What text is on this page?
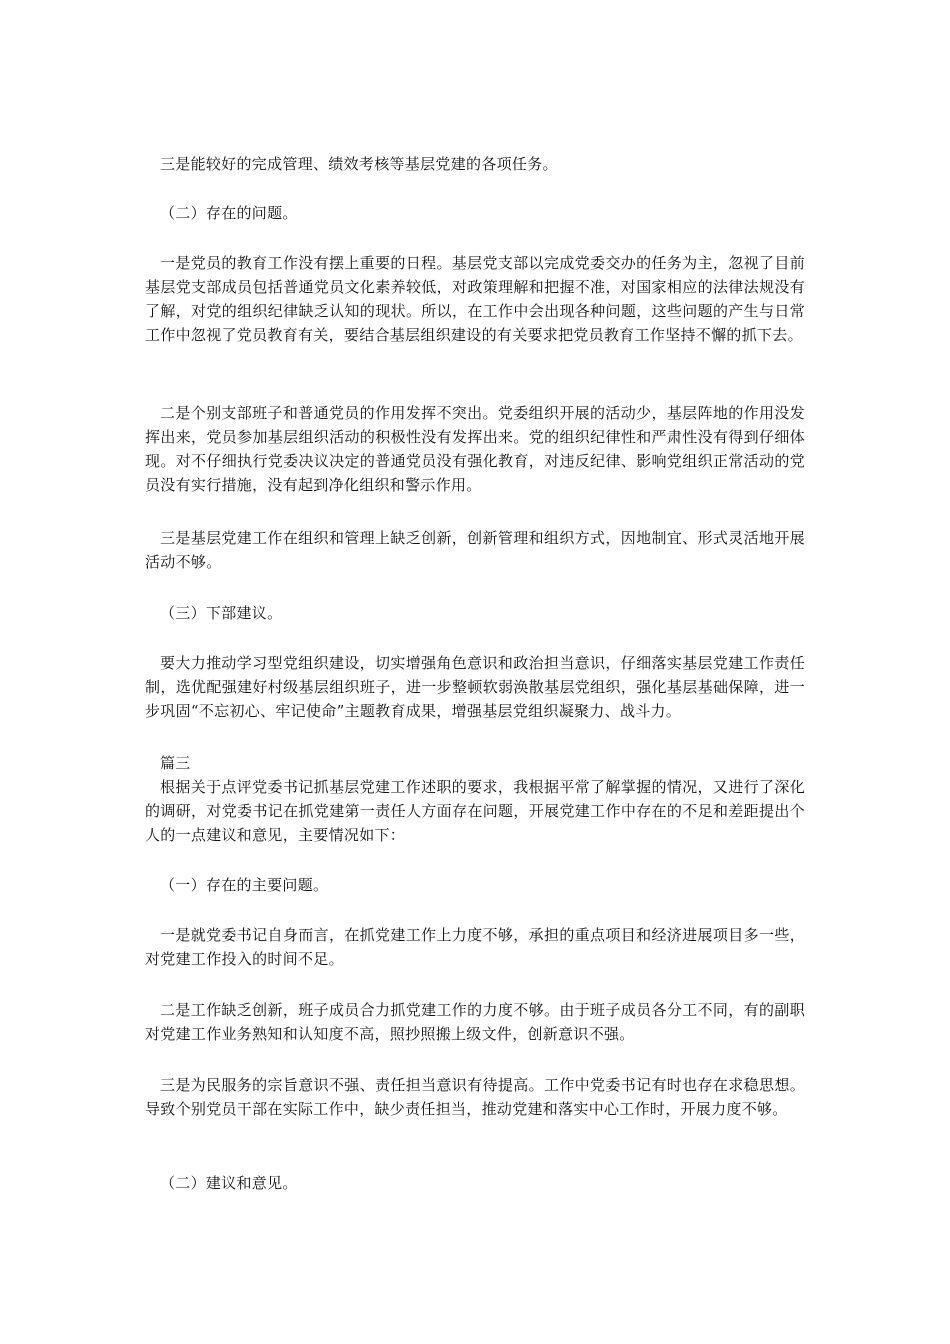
三是能较好的完成管理、绩效考核等基层党建的各项任务。
（二）存在的问题。
一是党员的教育工作没有摆上重要的日程。基层党支部以完成党委交办的任务为主，忽视了目前基层党支部成员包括普通党员文化素养较低，对政策理解和把握不准，对国家相应的法律法规没有了解，对党的组织纪律缺乏认知的现状。所以，在工作中会出现各种问题，这些问题的产生与日常工作中忽视了党员教育有关，要结合基层组织建设的有关要求把党员教育工作坚持不懈的抓下去。
二是个别支部班子和普通党员的作用发挥不突出。党委组织开展的活动少，基层阵地的作用没发挥出来，党员参加基层组织活动的积极性没有发挥出来。党的组织纪律性和严肃性没有得到仔细体现。对不仔细执行党委决议决定的普通党员没有强化教育，对违反纪律、影响党组织正常活动的党员没有实行措施，没有起到净化组织和警示作用。
三是基层党建工作在组织和管理上缺乏创新，创新管理和组织方式，因地制宜、形式灵活地开展活动不够。
（三）下部建议。
要大力推动学习型党组织建设，切实增强角色意识和政治担当意识，仔细落实基层党建工作责任制，选优配强建好村级基层组织班子，进一步整顿软弱涣散基层党组织，强化基层基础保障，进一步巩固“不忘初心、牢记使命”主题教育成果，增强基层党组织凝聚力、战斗力。
篇三
根据关于点评党委书记抓基层党建工作述职的要求，我根据平常了解掌握的情况，又进行了深化的调研，对党委书记在抓党建第一责任人方面存在问题，开展党建工作中存在的不足和差距提出个人的一点建议和意见，主要情况如下：
（一）存在的主要问题。
一是就党委书记自身而言，在抓党建工作上力度不够，承担的重点项目和经济进展项目多一些，对党建工作投入的时间不足。
二是工作缺乏创新，班子成员合力抓党建工作的力度不够。由于班子成员各分工不同，有的副职对党建工作业务熟知和认知度不高，照抄照搬上级文件，创新意识不强。
三是为民服务的宗旨意识不强、责任担当意识有待提高。工作中党委书记有时也存在求稳思想。导致个别党员干部在实际工作中，缺少责任担当，推动党建和落实中心工作时，开展力度不够。
（二）建议和意见。
